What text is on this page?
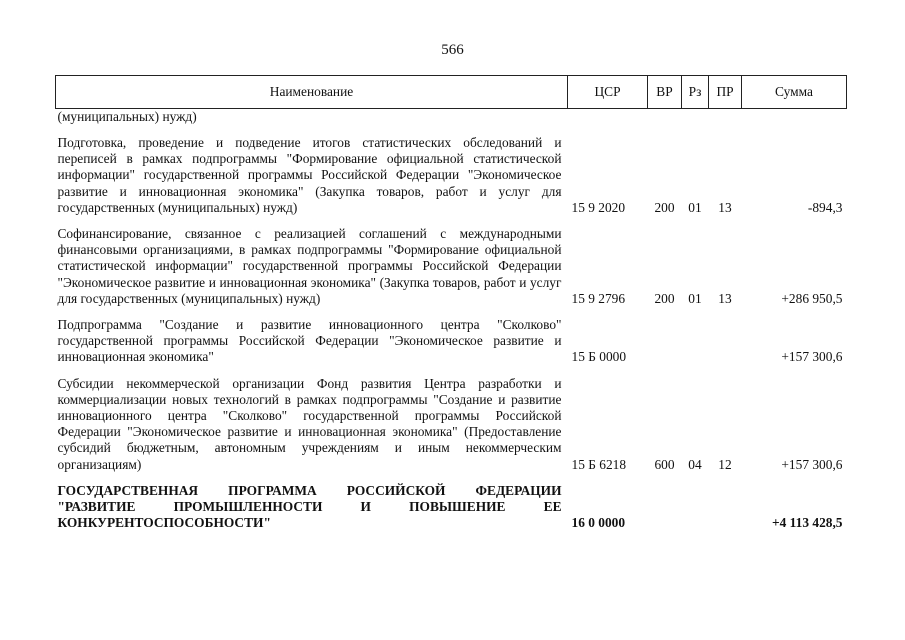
566
Наименование	ЦСР	ВР	Рз	ПР	Сумма
(муниципальных) нужд)					

Подготовка, проведение и подведение итогов статистических обследований и переписей в рамках подпрограммы "Формирование официальной статистической информации" государственной программы Российской Федерации "Экономическое развитие и инновационная экономика" (Закупка товаров, работ и услуг для государственных (муниципальных) нужд)	15 9 2020	200	01	13	-894,3

Софинансирование, связанное с реализацией соглашений с международными финансовыми организациями, в рамках подпрограммы "Формирование официальной статистической информации" государственной программы Российской Федерации "Экономическое развитие и инновационная экономика" (Закупка товаров, работ и услуг для государственных (муниципальных) нужд)	15 9 2796	200	01	13	+286 950,5

Подпрограмма "Создание и развитие инновационного центра "Сколково" государственной программы Российской Федерации "Экономическое развитие и инновационная экономика"	15 Б 0000				+157 300,6

Субсидии некоммерческой организации Фонд развития Центра разработки и коммерциализации новых технологий в рамках подпрограммы "Создание и развитие инновационного центра "Сколково" государственной программы Российской Федерации "Экономическое развитие и инновационная экономика" (Предоставление субсидий бюджетным, автономным учреждениям и иным некоммерческим организациям)	15 Б 6218	600	04	12	+157 300,6

ГОСУДАРСТВЕННАЯ ПРОГРАММА РОССИЙСКОЙ ФЕДЕРАЦИИ "РАЗВИТИЕ ПРОМЫШЛЕННОСТИ И ПОВЫШЕНИЕ ЕЕ КОНКУРЕНТОСПОСОБНОСТИ"	16 0 0000				+4 113 428,5
